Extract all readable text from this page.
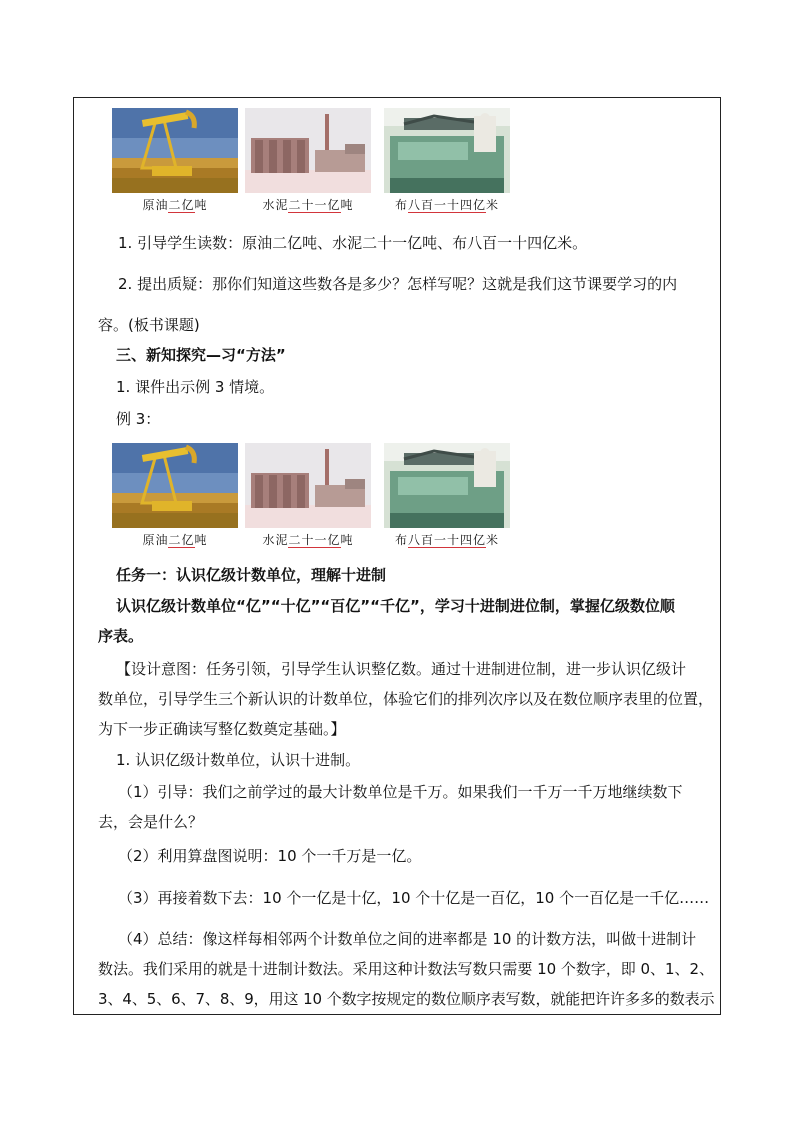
原油二亿吨	水泥二十一亿吨	布八百一十四亿米
1. 引导学生读数：原油二亿吨、水泥二十一亿吨、布八百一十四亿米。
2. 提出质疑：那你们知道这些数各是多少？怎样写呢？这就是我们这节课要学习的内
容。(板书课题)
三、新知探究—习“方法”
1. 课件出示例 3 情境。
例 3：
原油二亿吨	水泥二十一亿吨	布八百一十四亿米
任务一：认识亿级计数单位，理解十进制
认识亿级计数单位“亿”“十亿”“百亿”“千亿”，学习十进制进位制，掌握亿级数位顺
序表。
【设计意图：任务引领，引导学生认识整亿数。通过十进制进位制，进一步认识亿级计
数单位，引导学生三个新认识的计数单位，体验它们的排列次序以及在数位顺序表里的位置，
为下一步正确读写整亿数奠定基础。】
1. 认识亿级计数单位，认识十进制。
（1）引导：我们之前学过的最大计数单位是千万。如果我们一千万一千万地继续数下
去，会是什么？
（2）利用算盘图说明：10 个一千万是一亿。
（3）再接着数下去：10 个一亿是十亿，10 个十亿是一百亿，10 个一百亿是一千亿……
（4）总结：像这样每相邻两个计数单位之间的进率都是 10 的计数方法，叫做十进制计
数法。我们采用的就是十进制计数法。采用这种计数法写数只需要 10 个数字，即 0、1、2、
3、4、5、6、7、8、9，用这 10 个数字按规定的数位顺序表写数，就能把许许多多的数表示
